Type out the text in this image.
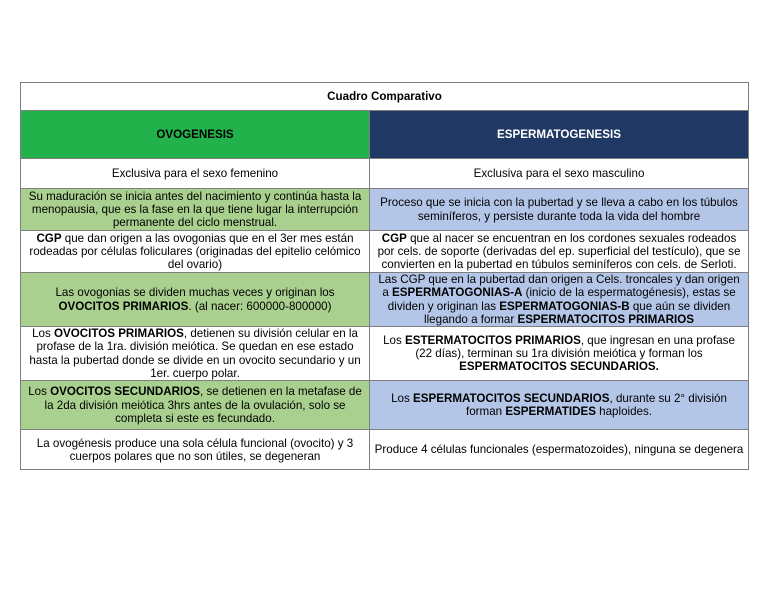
Cuadro Comparativo	
OVOGENESIS	ESPERMATOGENESIS
Exclusiva para el sexo femenino	Exclusiva para el sexo masculino
Su maduración se inicia antes del nacimiento y continúa hasta la menopausia, que es la fase en la que tiene lugar la interrupción permanente del ciclo menstrual.	Proceso que se inicia con la pubertad y se lleva a cabo en los túbulos seminíferos, y persiste durante toda la vida del hombre
CGP que dan origen a las ovogonias que en el 3er mes están rodeadas por células foliculares (originadas del epitelio celómico del ovario)	CGP que al nacer se encuentran en los cordones sexuales rodeados por cels. de soporte (derivadas del ep. superficial del testículo), que se convierten en la pubertad en túbulos seminíferos con cels. de Serloti.
Las ovogonias se dividen muchas veces y originan los OVOCITOS PRIMARIOS. (al nacer: 600000-800000)	Las CGP que en la pubertad dan origen a Cels. troncales y dan origen a ESPERMATOGONIAS-A (inicio de la espermatogénesis), estas se dividen y originan las ESPERMATOGONIAS-B que aún se dividen llegando a formar ESPERMATOCITOS PRIMARIOS
Los OVOCITOS PRIMARIOS, detienen su división celular en la profase de la 1ra. división meiótica. Se quedan en ese estado hasta la pubertad donde se divide en un ovocito secundario y un 1er. cuerpo polar.	Los ESTERMATOCITOS PRIMARIOS, que ingresan en una profase (22 días), terminan su 1ra división meiótica y forman los ESPERMATOCITOS SECUNDARIOS.
Los OVOCITOS SECUNDARIOS, se detienen en la metafase de la 2da división meiótica 3hrs antes de la ovulación, solo se completa si este es fecundado.	Los ESPERMATOCITOS SECUNDARIOS, durante su 2° división forman ESPERMATIDES haploides.
La ovogénesis produce una sola célula funcional (ovocito) y 3 cuerpos polares que no son útiles, se degeneran	Produce 4 células funcionales (espermatozoides), ninguna se degenera
